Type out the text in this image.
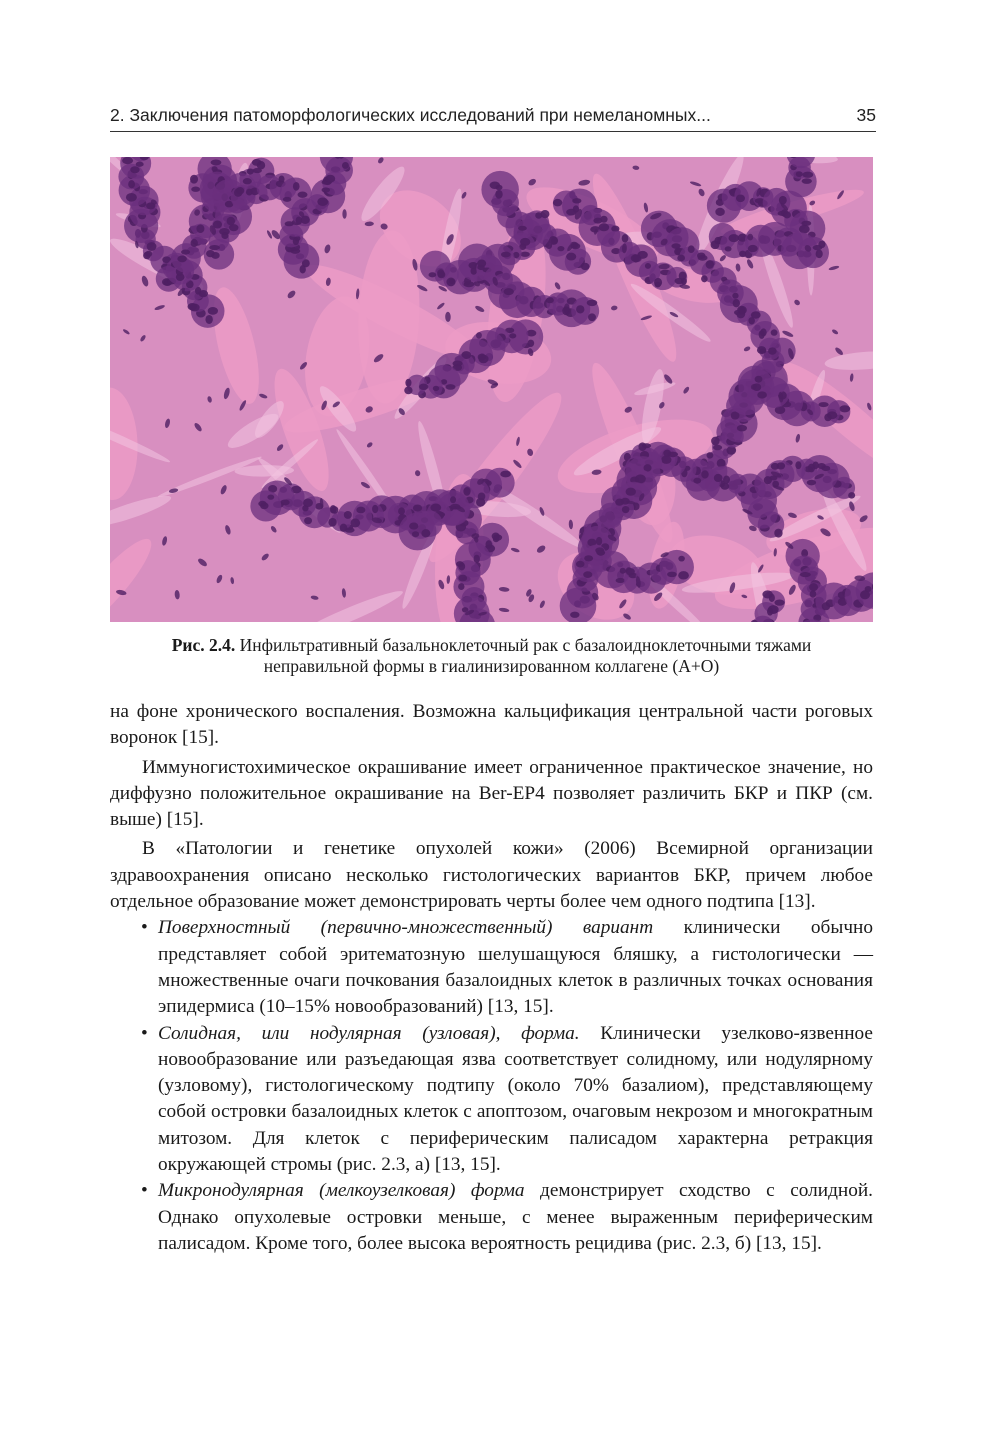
2. Заключения патоморфологических исследований при немеланомных...	35
Рис. 2.4. Инфильтративный базальноклеточный рак с базалоидноклеточными тяжами
неправильной формы в гиалинизированном коллагене (А+О)

на фоне хронического воспаления. Возможна кальцификация центральной части роговых воронок [15].

Иммуногистохимическое окрашивание имеет ограниченное практическое значение, но диффузно положительное окрашивание на Ber-EP4 позволяет различить БКР и ПКР (см. выше) [15].

В «Патологии и генетике опухолей кожи» (2006) Всемирной организации здравоохранения описано несколько гистологических вариантов БКР, причем любое отдельное образование может демонстрировать черты более чем одного подтипа [13].

• Поверхностный (первично-множественный) вариант клинически обычно представляет собой эритематозную шелушащуюся бляшку, а гистологически — множественные очаги почкования базалоидных клеток в различных точках основания эпидермиса (10–15% новообразований) [13, 15].
• Солидная, или нодулярная (узловая), форма. Клинически узелково-язвенное новообразование или разъедающая язва соответствует солидному, или нодулярному (узловому), гистологическому подтипу (около 70% базалиом), представляющему собой островки базалоидных клеток с апоптозом, очаговым некрозом и многократным митозом. Для клеток с периферическим палисадом характерна ретракция окружающей стромы (рис. 2.3, а) [13, 15].
• Микронодулярная (мелкоузелковая) форма демонстрирует сходство с солидной. Однако опухолевые островки меньше, с менее выраженным периферическим палисадом. Кроме того, более высока вероятность рецидива (рис. 2.3, б) [13, 15].
